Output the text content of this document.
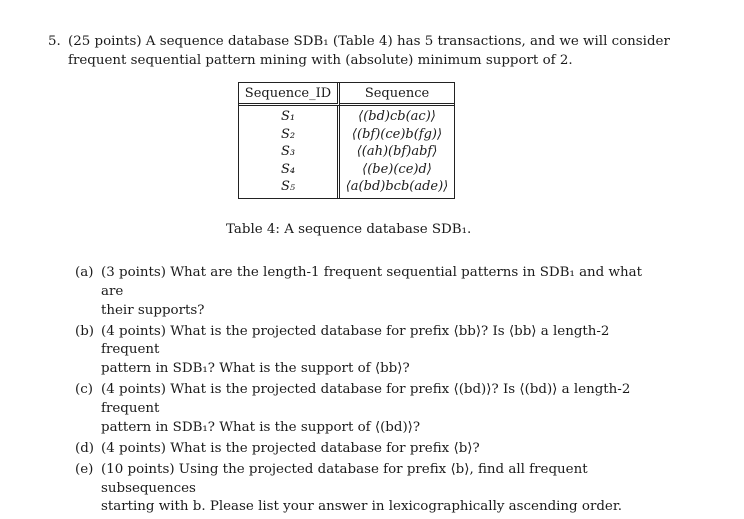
5. (25 points) A sequence database SDB₁ (Table 4) has 5 transactions, and we will consider
frequent sequential pattern mining with (absolute) minimum support of 2.
Sequence_ID	Sequence
S₁	⟨(bd)cb(ac)⟩
S₂	⟨(bf)(ce)b(fg)⟩
S₃	⟨(ah)(bf)abf⟩
S₄	⟨(be)(ce)d⟩
S₅	⟨a(bd)bcb(ade)⟩
Table 4: A sequence database SDB₁.
(a) (3 points) What are the length-1 frequent sequential patterns in SDB₁ and what are
their supports?
(b) (4 points) What is the projected database for prefix ⟨bb⟩? Is ⟨bb⟩ a length-2 frequent
pattern in SDB₁? What is the support of ⟨bb⟩?
(c) (4 points) What is the projected database for prefix ⟨(bd)⟩? Is ⟨(bd)⟩ a length-2 frequent
pattern in SDB₁? What is the support of ⟨(bd)⟩?
(d) (4 points) What is the projected database for prefix ⟨b⟩?
(e) (10 points) Using the projected database for prefix ⟨b⟩, find all frequent subsequences
starting with b. Please list your answer in lexicographically ascending order.
